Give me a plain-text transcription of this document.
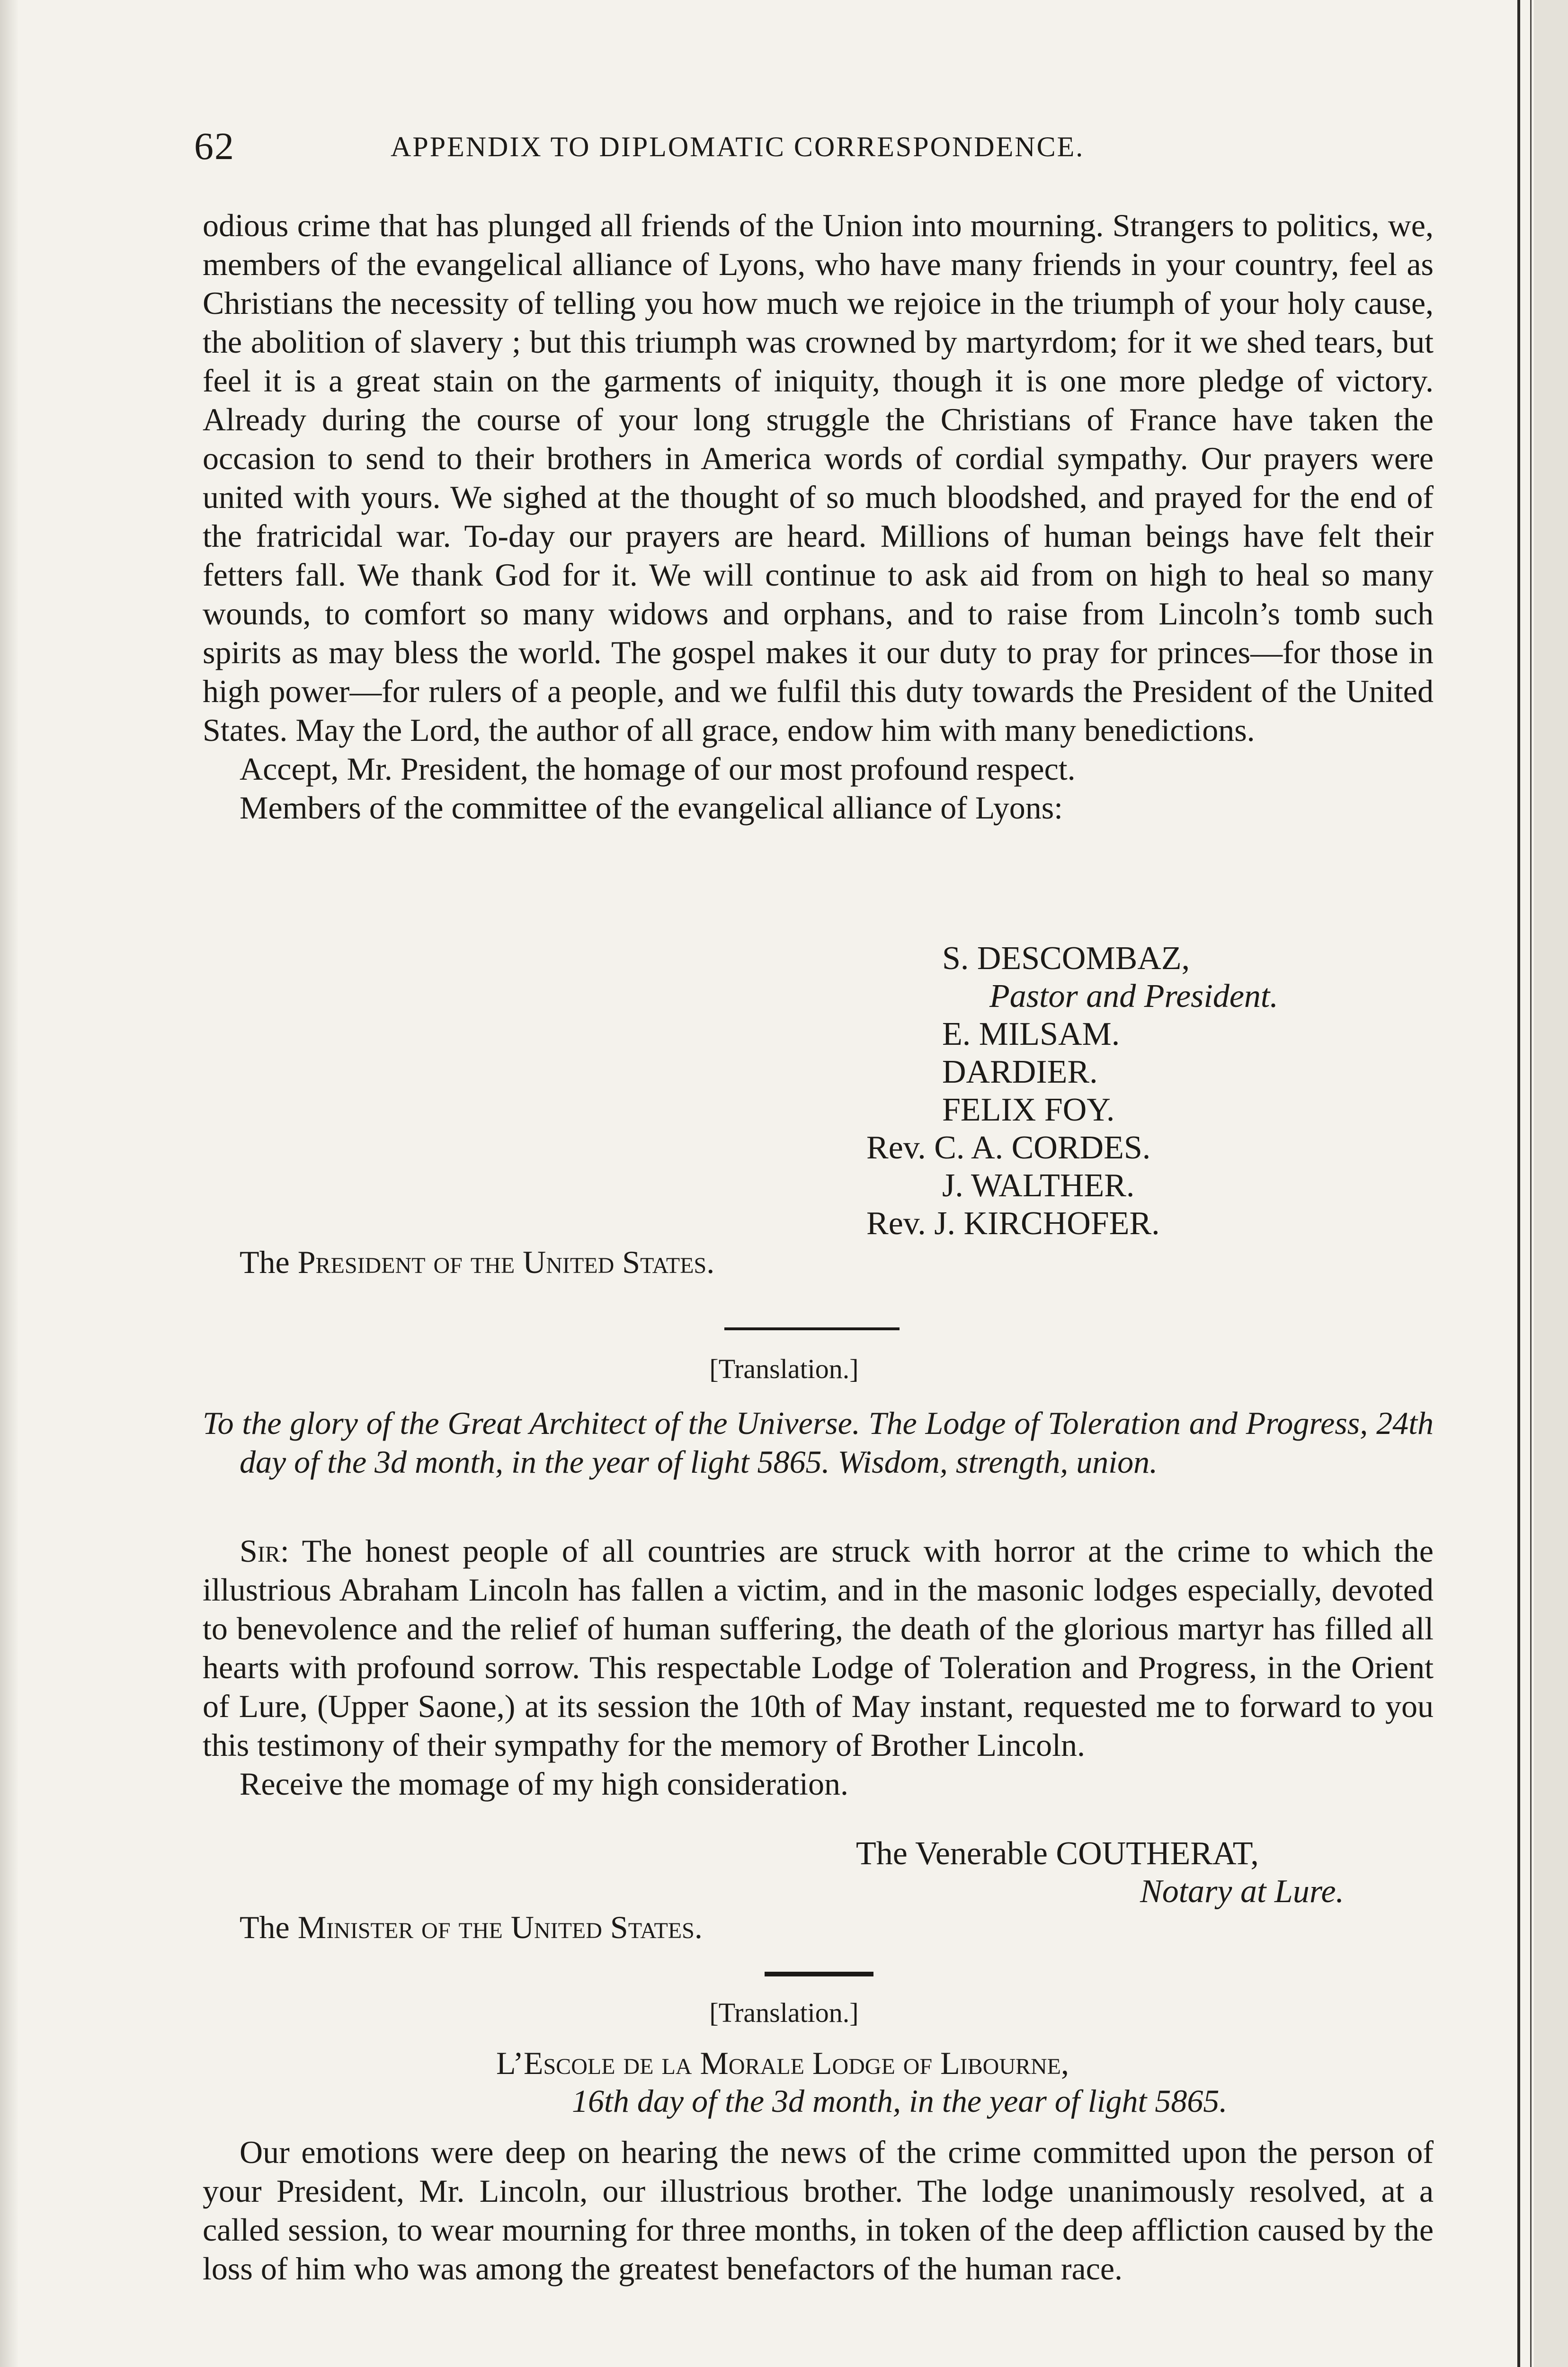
62	APPENDIX TO DIPLOMATIC CORRESPONDENCE.

odious crime that has plunged all friends of the Union into mourning. Strangers to politics, we, members of the evangelical alliance of Lyons, who have many friends in your country, feel as Christians the necessity of telling you how much we rejoice in the triumph of your holy cause, the abolition of slavery ; but this triumph was crowned by martyrdom; for it we shed tears, but feel it is a great stain on the garments of iniquity, though it is one more pledge of victory. Already during the course of your long struggle the Christians of France have taken the occasion to send to their brothers in America words of cordial sympathy. Our prayers were united with yours. We sighed at the thought of so much bloodshed, and prayed for the end of the fratricidal war. To-day our prayers are heard. Millions of human beings have felt their fetters fall. We thank God for it. We will continue to ask aid from on high to heal so many wounds, to comfort so many widows and orphans, and to raise from Lincoln’s tomb such spirits as may bless the world. The gospel makes it our duty to pray for princes—for those in high power—for rulers of a people, and we fulfil this duty towards the President of the United States. May the Lord, the author of all grace, endow him with many benedictions.

Accept, Mr. President, the homage of our most profound respect.

Members of the committee of the evangelical alliance of Lyons:

S. DESCOMBAZ,
Pastor and President.
E. MILSAM.
DARDIER.
FELIX FOY.
Rev. C. A. CORDES.
J. WALTHER.
Rev. J. KIRCHOFER.

The President of the United States.

[Translation.]

To the glory of the Great Architect of the Universe. The Lodge of Toleration and Progress, 24th day of the 3d month, in the year of light 5865. Wisdom, strength, union.

Sir: The honest people of all countries are struck with horror at the crime to which the illustrious Abraham Lincoln has fallen a victim, and in the masonic lodges especially, devoted to benevolence and the relief of human suffering, the death of the glorious martyr has filled all hearts with profound sorrow. This respectable Lodge of Toleration and Progress, in the Orient of Lure, (Upper Saone,) at its session the 10th of May instant, requested me to forward to you this testimony of their sympathy for the memory of Brother Lincoln.

Receive the momage of my high consideration.

The Venerable COUTHERAT,
Notary at Lure.

The Minister of the United States.

[Translation.]
L’Escole de la Morale Lodge of Libourne,
16th day of the 3d month, in the year of light 5865.

Our emotions were deep on hearing the news of the crime committed upon the person of your President, Mr. Lincoln, our illustrious brother. The lodge unanimously resolved, at a called session, to wear mourning for three months, in token of the deep affliction caused by the loss of him who was among the greatest benefactors of the human race.
